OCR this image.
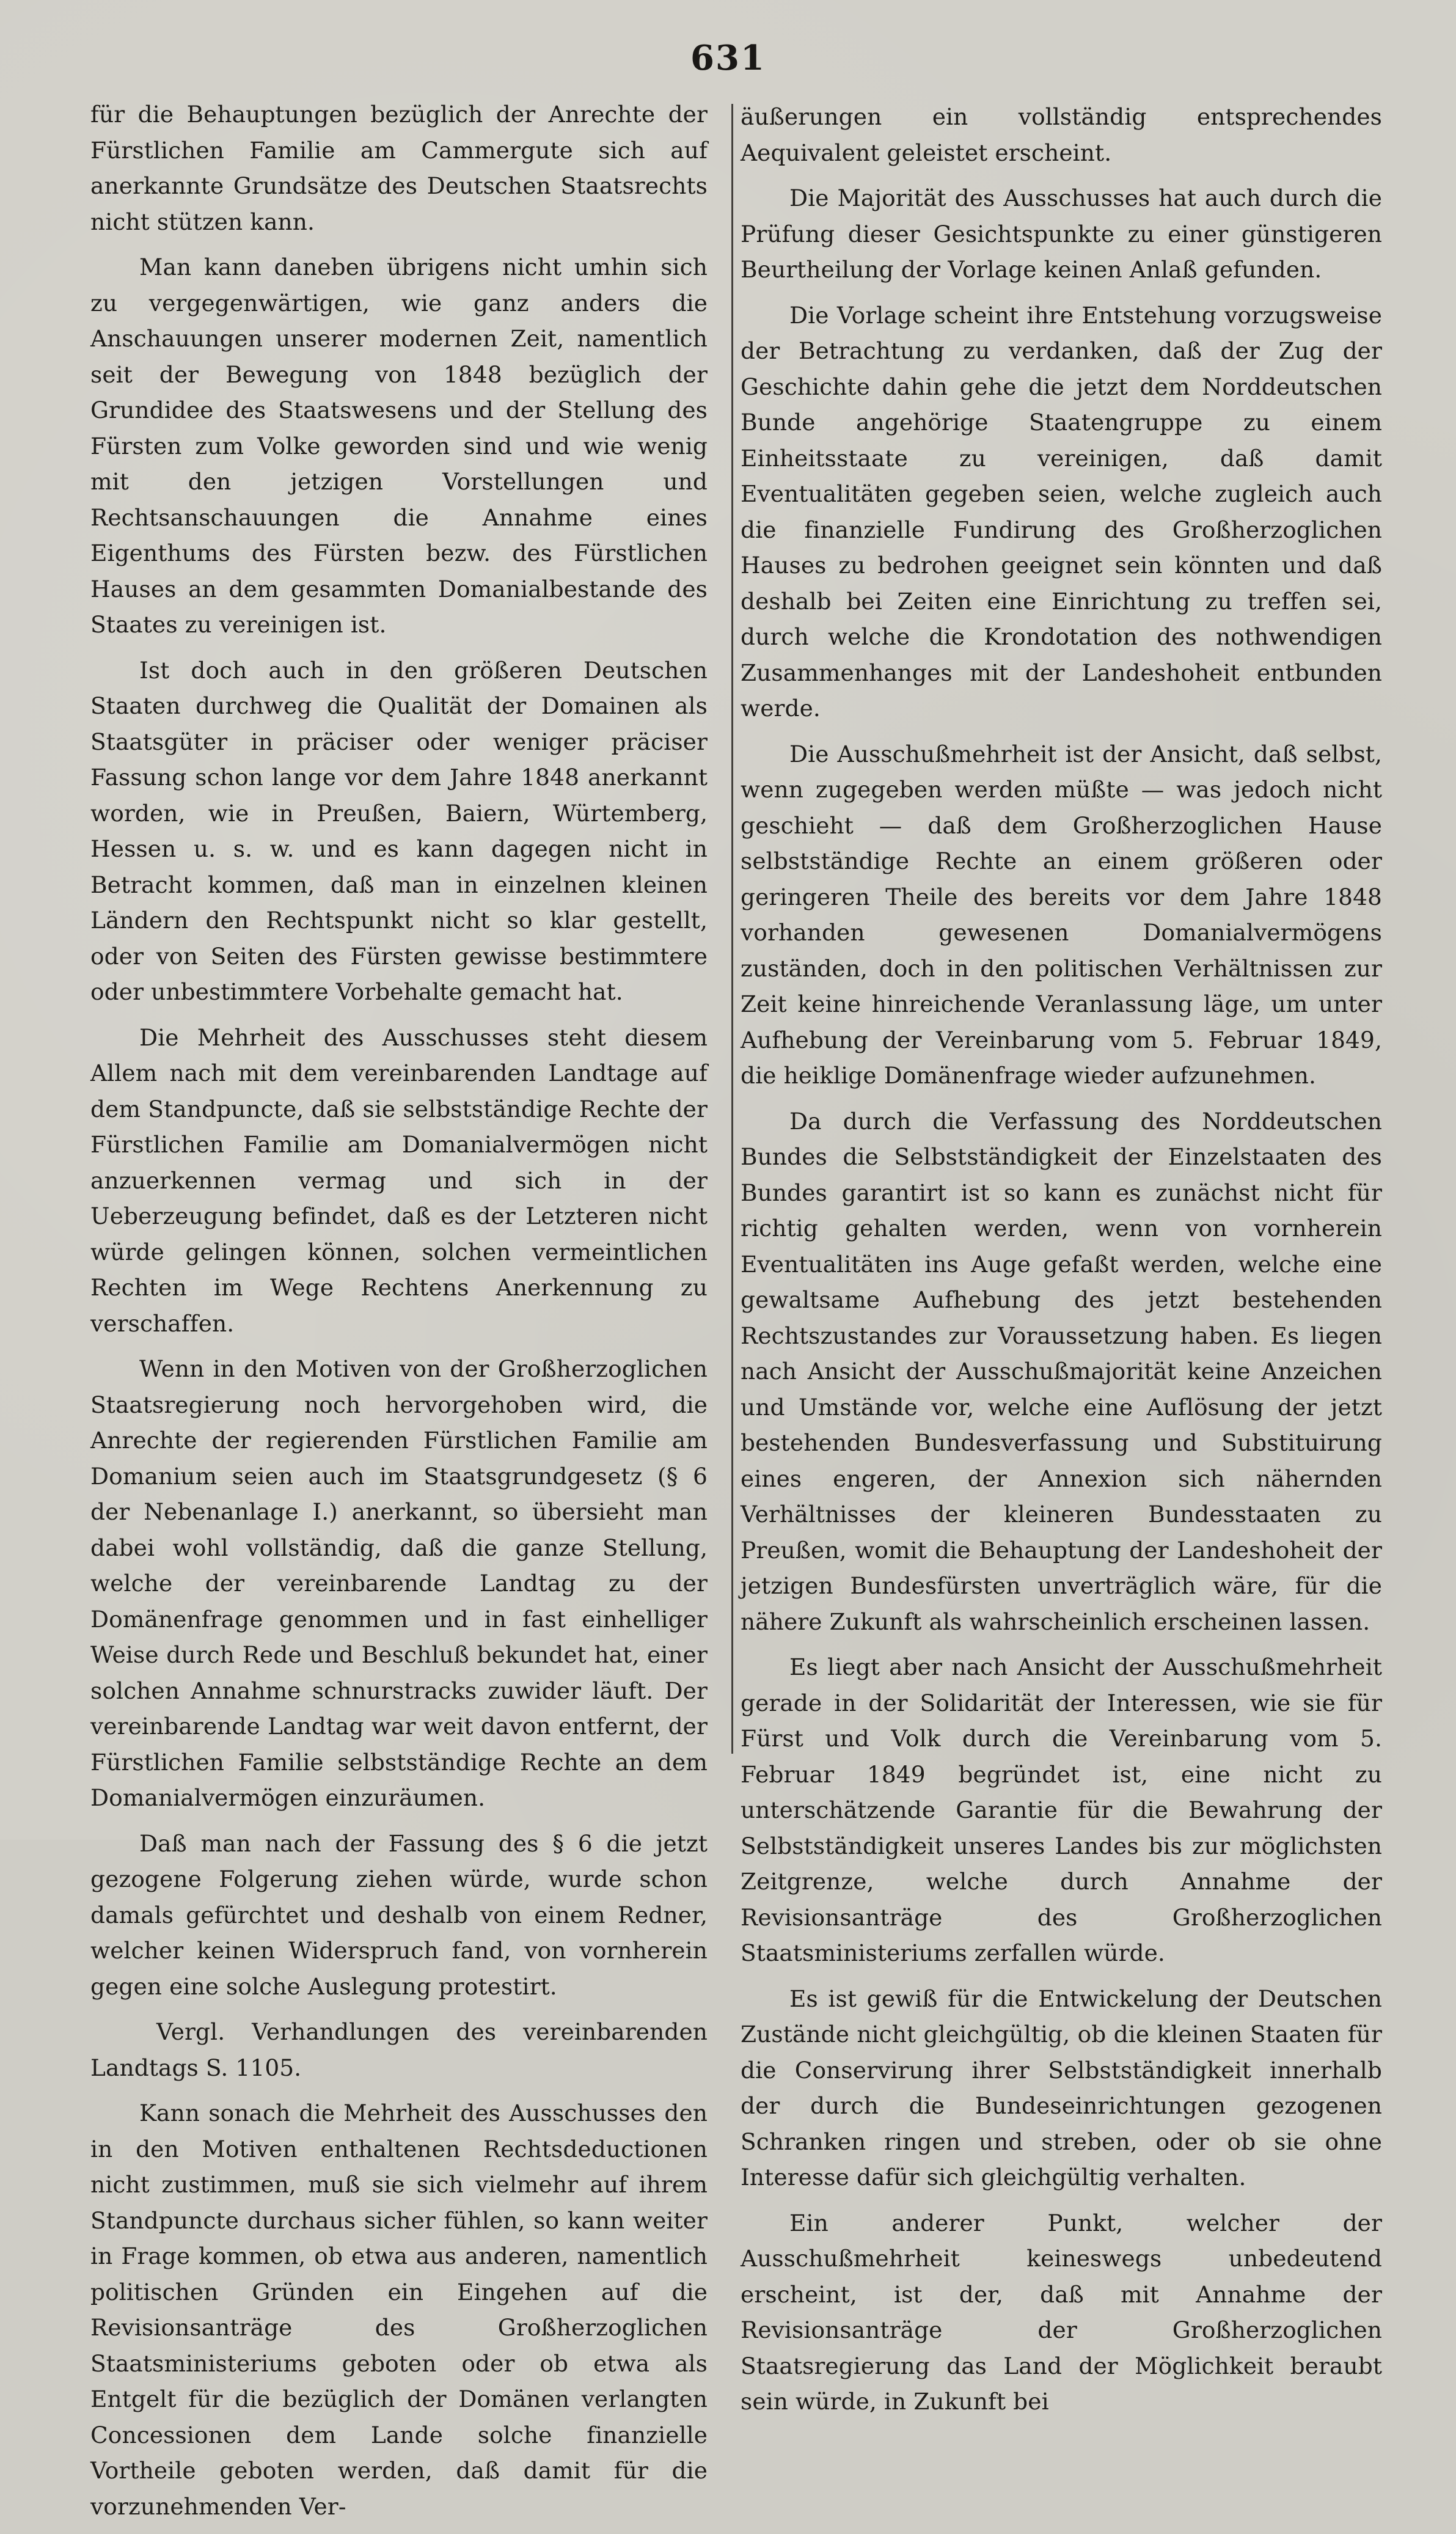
631

für die Behauptungen bezüglich der Anrechte der Fürstlichen Familie am Cammergute sich auf anerkannte Grundsätze des Deutschen Staatsrechts nicht stützen kann.

Man kann daneben übrigens nicht umhin sich zu vergegenwärtigen, wie ganz anders die Anschauungen unserer modernen Zeit, namentlich seit der Bewegung von 1848 bezüglich der Grundidee des Staatswesens und der Stellung des Fürsten zum Volke geworden sind und wie wenig mit den jetzigen Vorstellungen und Rechtsanschauungen die Annahme eines Eigenthums des Fürsten bezw. des Fürstlichen Hauses an dem gesammten Domanialbestande des Staates zu vereinigen ist.

Ist doch auch in den größeren Deutschen Staaten durchweg die Qualität der Domainen als Staatsgüter in präciser oder weniger präciser Fassung schon lange vor dem Jahre 1848 anerkannt worden, wie in Preußen, Baiern, Würtemberg, Hessen u. s. w. und es kann dagegen nicht in Betracht kommen, daß man in einzelnen kleinen Ländern den Rechtspunkt nicht so klar gestellt, oder von Seiten des Fürsten gewisse bestimmtere oder unbestimmtere Vorbehalte gemacht hat.

Die Mehrheit des Ausschusses steht diesem Allem nach mit dem vereinbarenden Landtage auf dem Standpuncte, daß sie selbstständige Rechte der Fürstlichen Familie am Domanialvermögen nicht anzuerkennen vermag und sich in der Ueberzeugung befindet, daß es der Letzteren nicht würde gelingen können, solchen vermeintlichen Rechten im Wege Rechtens Anerkennung zu verschaffen.

Wenn in den Motiven von der Großherzoglichen Staatsregierung noch hervorgehoben wird, die Anrechte der regierenden Fürstlichen Familie am Domanium seien auch im Staatsgrundgesetz (§ 6 der Nebenanlage I.) anerkannt, so übersieht man dabei wohl vollständig, daß die ganze Stellung, welche der vereinbarende Landtag zu der Domänenfrage genommen und in fast einhelliger Weise durch Rede und Beschluß bekundet hat, einer solchen Annahme schnurstracks zuwider läuft. Der vereinbarende Landtag war weit davon entfernt, der Fürstlichen Familie selbstständige Rechte an dem Domanialvermögen einzuräumen.

Daß man nach der Fassung des § 6 die jetzt gezogene Folgerung ziehen würde, wurde schon damals gefürchtet und deshalb von einem Redner, welcher keinen Widerspruch fand, von vornherein gegen eine solche Auslegung protestirt.

Vergl. Verhandlungen des vereinbarenden Landtags S. 1105.

Kann sonach die Mehrheit des Ausschusses den in den Motiven enthaltenen Rechtsdeductionen nicht zustimmen, muß sie sich vielmehr auf ihrem Standpuncte durchaus sicher fühlen, so kann weiter in Frage kommen, ob etwa aus anderen, namentlich politischen Gründen ein Eingehen auf die Revisionsanträge des Großherzoglichen Staatsministeriums geboten oder ob etwa als Entgelt für die bezüglich der Domänen verlangten Concessionen dem Lande solche finanzielle Vortheile geboten werden, daß damit für die vorzunehmenden Ver-

äußerungen ein vollständig entsprechendes Aequivalent geleistet erscheint.

Die Majorität des Ausschusses hat auch durch die Prüfung dieser Gesichtspunkte zu einer günstigeren Beurtheilung der Vorlage keinen Anlaß gefunden.

Die Vorlage scheint ihre Entstehung vorzugsweise der Betrachtung zu verdanken, daß der Zug der Geschichte dahin gehe die jetzt dem Norddeutschen Bunde angehörige Staatengruppe zu einem Einheitsstaate zu vereinigen, daß damit Eventualitäten gegeben seien, welche zugleich auch die finanzielle Fundirung des Großherzoglichen Hauses zu bedrohen geeignet sein könnten und daß deshalb bei Zeiten eine Einrichtung zu treffen sei, durch welche die Krondotation des nothwendigen Zusammenhanges mit der Landeshoheit entbunden werde.

Die Ausschußmehrheit ist der Ansicht, daß selbst, wenn zugegeben werden müßte — was jedoch nicht geschieht — daß dem Großherzoglichen Hause selbstständige Rechte an einem größeren oder geringeren Theile des bereits vor dem Jahre 1848 vorhanden gewesenen Domanialvermögens zuständen, doch in den politischen Verhältnissen zur Zeit keine hinreichende Veranlassung läge, um unter Aufhebung der Vereinbarung vom 5. Februar 1849, die heiklige Domänenfrage wieder aufzunehmen.

Da durch die Verfassung des Norddeutschen Bundes die Selbstständigkeit der Einzelstaaten des Bundes garantirt ist so kann es zunächst nicht für richtig gehalten werden, wenn von vornherein Eventualitäten ins Auge gefaßt werden, welche eine gewaltsame Aufhebung des jetzt bestehenden Rechtszustandes zur Voraussetzung haben. Es liegen nach Ansicht der Ausschußmajorität keine Anzeichen und Umstände vor, welche eine Auflösung der jetzt bestehenden Bundesverfassung und Substituirung eines engeren, der Annexion sich nähernden Verhältnisses der kleineren Bundesstaaten zu Preußen, womit die Behauptung der Landeshoheit der jetzigen Bundesfürsten unverträglich wäre, für die nähere Zukunft als wahrscheinlich erscheinen lassen.

Es liegt aber nach Ansicht der Ausschußmehrheit gerade in der Solidarität der Interessen, wie sie für Fürst und Volk durch die Vereinbarung vom 5. Februar 1849 begründet ist, eine nicht zu unterschätzende Garantie für die Bewahrung der Selbstständigkeit unseres Landes bis zur möglichsten Zeitgrenze, welche durch Annahme der Revisionsanträge des Großherzoglichen Staatsministeriums zerfallen würde.

Es ist gewiß für die Entwickelung der Deutschen Zustände nicht gleichgültig, ob die kleinen Staaten für die Conservirung ihrer Selbstständigkeit innerhalb der durch die Bundeseinrichtungen gezogenen Schranken ringen und streben, oder ob sie ohne Interesse dafür sich gleichgültig verhalten.

Ein anderer Punkt, welcher der Ausschußmehrheit keineswegs unbedeutend erscheint, ist der, daß mit Annahme der Revisionsanträge der Großherzoglichen Staatsregierung das Land der Möglichkeit beraubt sein würde, in Zukunft bei
